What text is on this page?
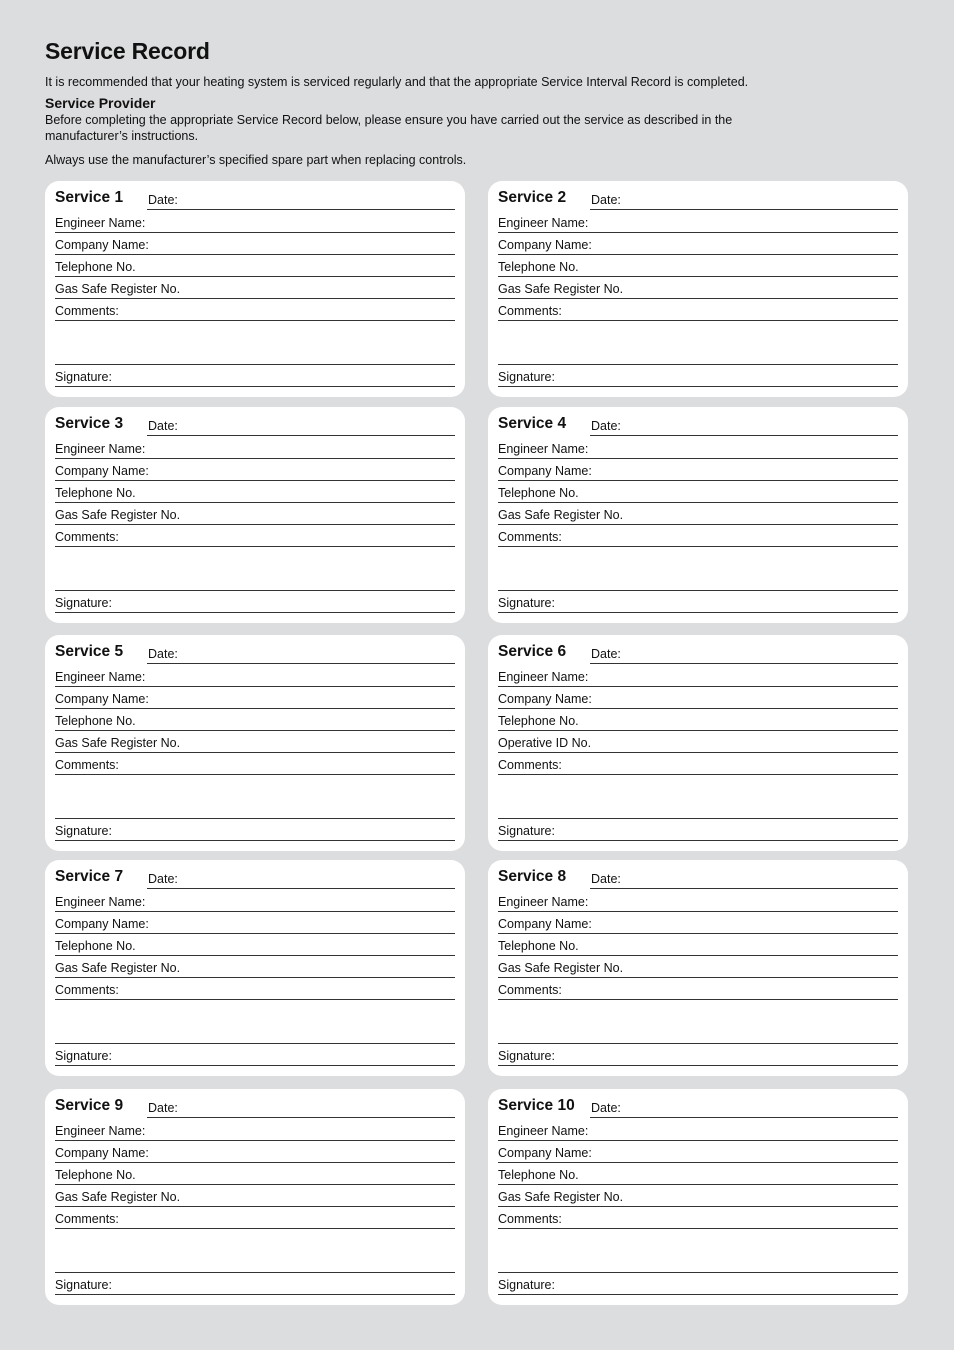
Service Record

It is recommended that your heating system is serviced regularly and that the appropriate Service Interval Record is completed.

Service Provider

Before completing the appropriate Service Record below, please ensure you have carried out the service as described in the manufacturer’s instructions.

Always use the manufacturer’s specified spare part when replacing controls.

Service 1 Date:
Engineer Name:
Company Name:
Telephone No.
Gas Safe Register No.
Comments:
Signature:
Service 2 Date:
Engineer Name:
Company Name:
Telephone No.
Gas Safe Register No.
Comments:
Signature:
Service 3 Date:
Engineer Name:
Company Name:
Telephone No.
Gas Safe Register No.
Comments:
Signature:
Service 4 Date:
Engineer Name:
Company Name:
Telephone No.
Gas Safe Register No.
Comments:
Signature:
Service 5 Date:
Engineer Name:
Company Name:
Telephone No.
Gas Safe Register No.
Comments:
Signature:
Service 6 Date:
Engineer Name:
Company Name:
Telephone No.
Operative ID No.
Comments:
Signature:
Service 7 Date:
Engineer Name:
Company Name:
Telephone No.
Gas Safe Register No.
Comments:
Signature:
Service 8 Date:
Engineer Name:
Company Name:
Telephone No.
Gas Safe Register No.
Comments:
Signature:
Service 9 Date:
Engineer Name:
Company Name:
Telephone No.
Gas Safe Register No.
Comments:
Signature:
Service 10 Date:
Engineer Name:
Company Name:
Telephone No.
Gas Safe Register No.
Comments:
Signature:
